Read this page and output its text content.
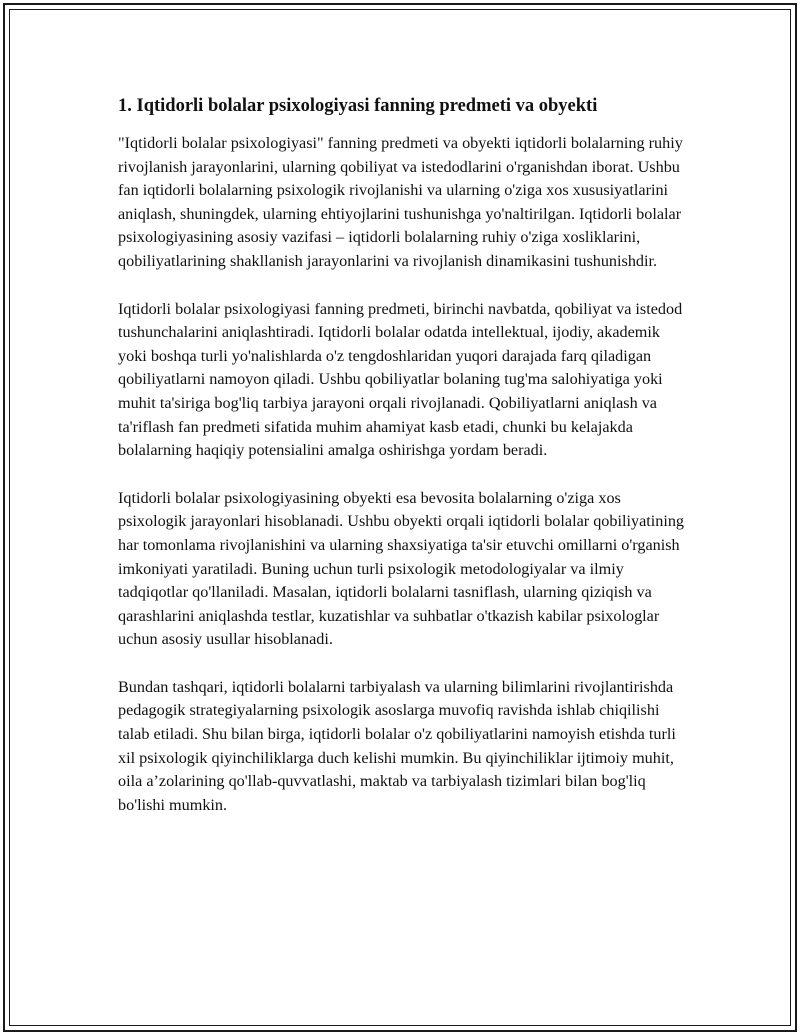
1. Iqtidorli bolalar psixologiyasi fanning predmeti va obyekti

"Iqtidorli bolalar psixologiyasi" fanning predmeti va obyekti iqtidorli bolalarning ruhiy rivojlanish jarayonlarini, ularning qobiliyat va istedodlarini o'rganishdan iborat. Ushbu fan iqtidorli bolalarning psixologik rivojlanishi va ularning o'ziga xos xususiyatlarini aniqlash, shuningdek, ularning ehtiyojlarini tushunishga yo'naltirilgan. Iqtidorli bolalar psixologiyasining asosiy vazifasi – iqtidorli bolalarning ruhiy o'ziga xosliklarini, qobiliyatlarining shakllanish jarayonlarini va rivojlanish dinamikasini tushunishdir.

Iqtidorli bolalar psixologiyasi fanning predmeti, birinchi navbatda, qobiliyat va istedod tushunchalarini aniqlashtiradi. Iqtidorli bolalar odatda intellektual, ijodiy, akademik yoki boshqa turli yo'nalishlarda o'z tengdoshlaridan yuqori darajada farq qiladigan qobiliyatlarni namoyon qiladi. Ushbu qobiliyatlar bolaning tug'ma salohiyatiga yoki muhit ta'siriga bog'liq tarbiya jarayoni orqali rivojlanadi. Qobiliyatlarni aniqlash va ta'riflash fan predmeti sifatida muhim ahamiyat kasb etadi, chunki bu kelajakda bolalarning haqiqiy potensialini amalga oshirishga yordam beradi.

Iqtidorli bolalar psixologiyasining obyekti esa bevosita bolalarning o'ziga xos psixologik jarayonlari hisoblanadi. Ushbu obyekti orqali iqtidorli bolalar qobiliyatining har tomonlama rivojlanishini va ularning shaxsiyatiga ta'sir etuvchi omillarni o'rganish imkoniyati yaratiladi. Buning uchun turli psixologik metodologiyalar va ilmiy tadqiqotlar qo'llaniladi. Masalan, iqtidorli bolalarni tasniflash, ularning qiziqish va qarashlarini aniqlashda testlar, kuzatishlar va suhbatlar o'tkazish kabilar psixologlar uchun asosiy usullar hisoblanadi.

Bundan tashqari, iqtidorli bolalarni tarbiyalash va ularning bilimlarini rivojlantirishda pedagogik strategiyalarning psixologik asoslarga muvofiq ravishda ishlab chiqilishi talab etiladi. Shu bilan birga, iqtidorli bolalar o'z qobiliyatlarini namoyish etishda turli xil psixologik qiyinchiliklarga duch kelishi mumkin. Bu qiyinchiliklar ijtimoiy muhit, oila a’zolarining qo'llab-quvvatlashi, maktab va tarbiyalash tizimlari bilan bog'liq bo'lishi mumkin.
